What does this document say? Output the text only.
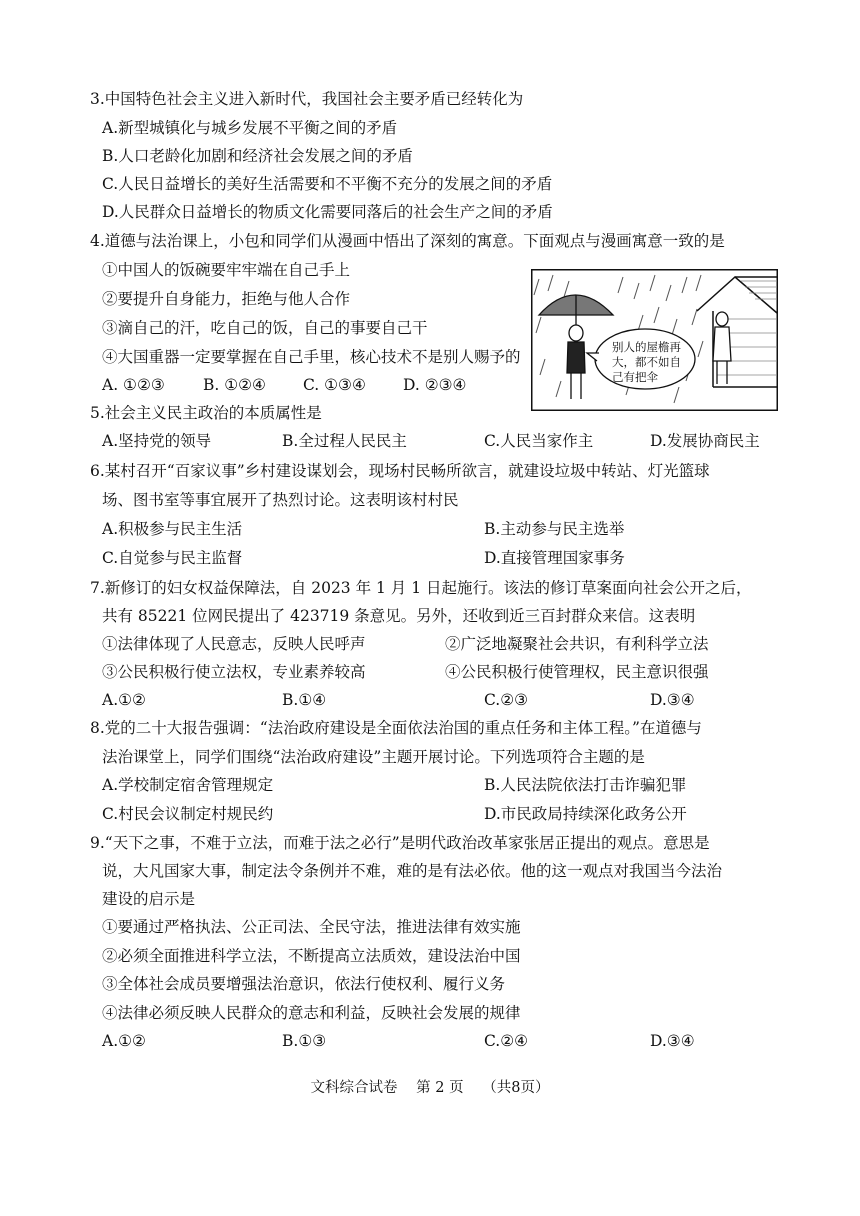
3.中国特色社会主义进入新时代，我国社会主要矛盾已经转化为
A.新型城镇化与城乡发展不平衡之间的矛盾
B.人口老龄化加剧和经济社会发展之间的矛盾
C.人民日益增长的美好生活需要和不平衡不充分的发展之间的矛盾
D.人民群众日益增长的物质文化需要同落后的社会生产之间的矛盾
4.道德与法治课上，小包和同学们从漫画中悟出了深刻的寓意。下面观点与漫画寓意一致的是
①中国人的饭碗要牢牢端在自己手上
②要提升自身能力，拒绝与他人合作
③滴自己的汗，吃自己的饭，自己的事要自己干
④大国重器一定要掌握在自己手里，核心技术不是别人赐予的
A. ①②③ B. ①②④ C. ①③④ D. ②③④
别人的屋檐再
大，都不如自
己有把伞
5.社会主义民主政治的本质属性是
A.坚持党的领导	B.全过程人民民主	C.人民当家作主	D.发展协商民主
6.某村召开“百家议事”乡村建设谋划会，现场村民畅所欲言，就建设垃圾中转站、灯光篮球
场、图书室等事宜展开了热烈讨论。这表明该村村民
A.积极参与民主生活	B.主动参与民主选举
C.自觉参与民主监督	D.直接管理国家事务
7.新修订的妇女权益保障法，自 2023 年 1 月 1 日起施行。该法的修订草案面向社会公开之后，
共有 85221 位网民提出了 423719 条意见。另外，还收到近三百封群众来信。这表明
①法律体现了人民意志，反映人民呼声	②广泛地凝聚社会共识，有利科学立法
③公民积极行使立法权，专业素养较高	④公民积极行使管理权，民主意识很强
A.①②	B.①④	C.②③	D.③④
8.党的二十大报告强调：“法治政府建设是全面依法治国的重点任务和主体工程。”在道德与
法治课堂上，同学们围绕“法治政府建设”主题开展讨论。下列选项符合主题的是
A.学校制定宿舍管理规定	B.人民法院依法打击诈骗犯罪
C.村民会议制定村规民约	D.市民政局持续深化政务公开
9.“天下之事，不难于立法，而难于法之必行”是明代政治改革家张居正提出的观点。意思是
说，大凡国家大事，制定法令条例并不难，难的是有法必依。他的这一观点对我国当今法治
建设的启示是
①要通过严格执法、公正司法、全民守法，推进法律有效实施
②必须全面推进科学立法，不断提高立法质效，建设法治中国
③全体社会成员要增强法治意识，依法行使权利、履行义务
④法律必须反映人民群众的意志和利益，反映社会发展的规律
A.①②	B.①③	C.②④	D.③④
文科综合试卷 第 2 页 （共8页）
